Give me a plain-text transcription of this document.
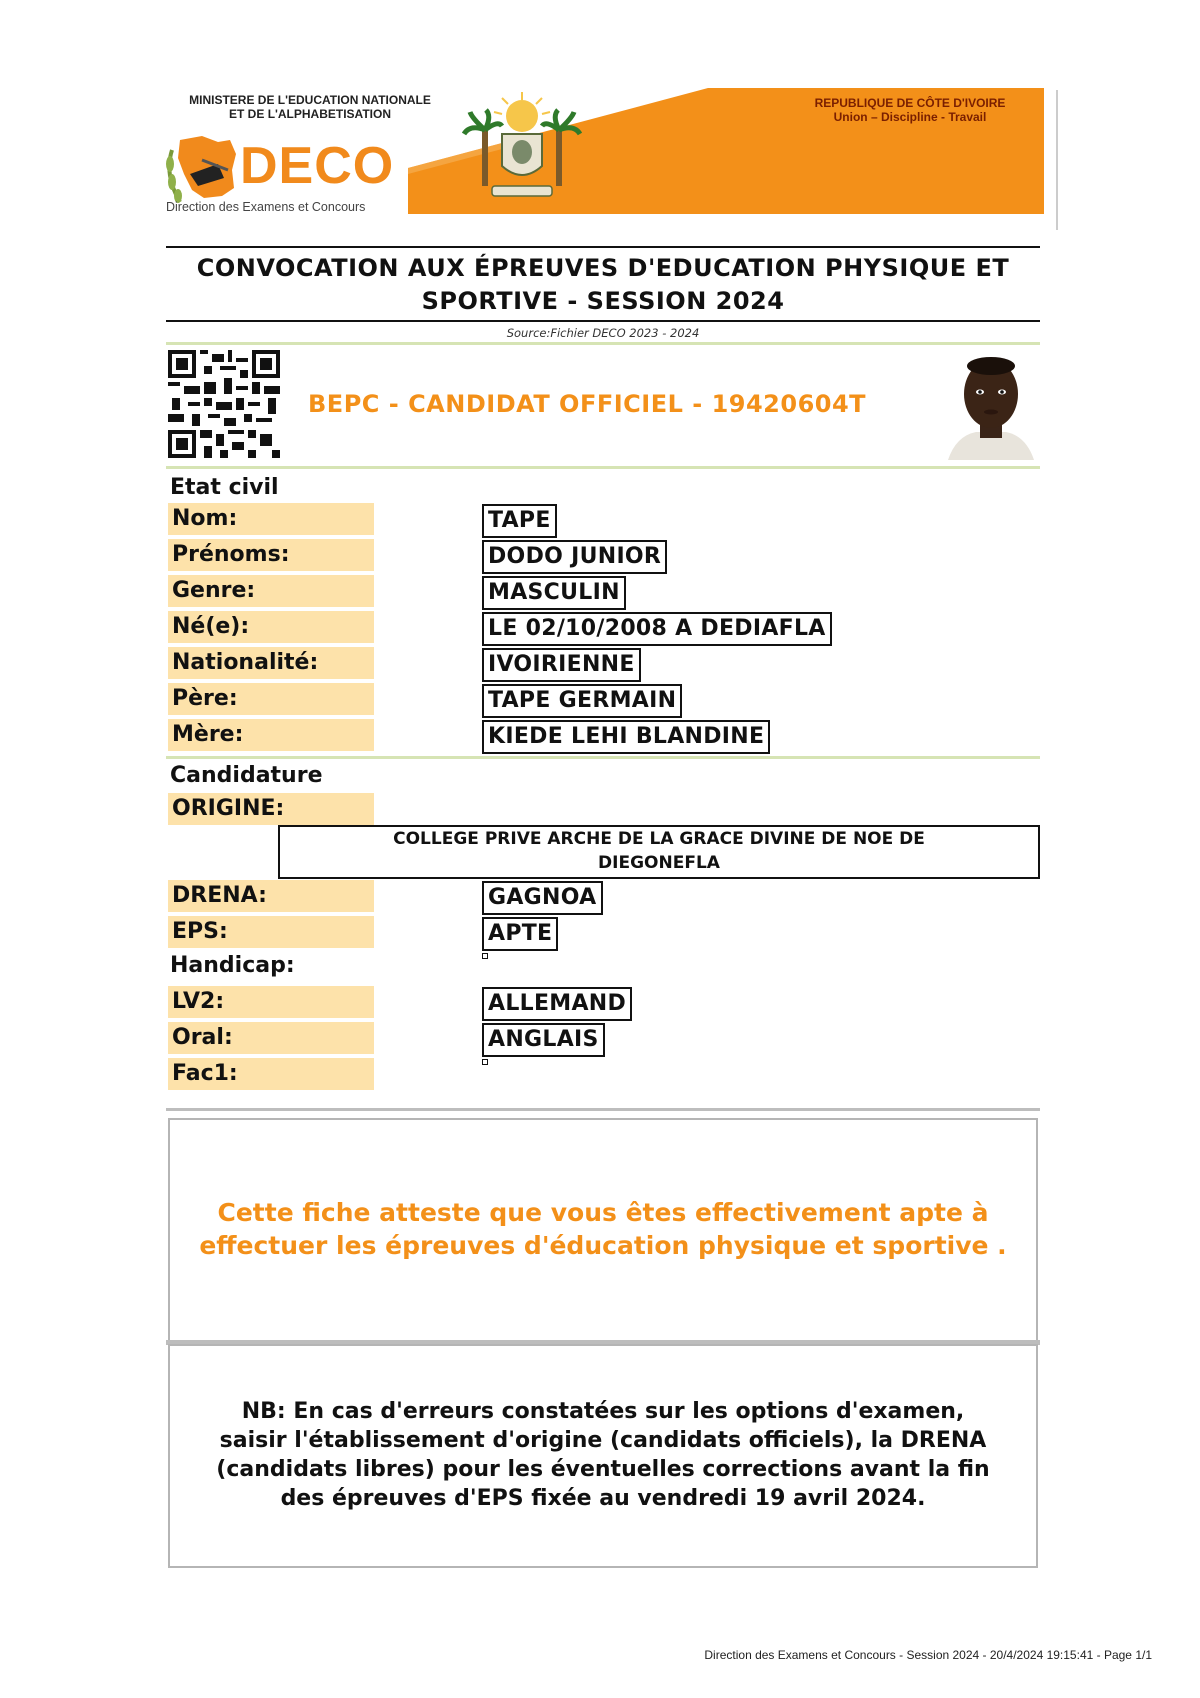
MINISTERE DE L'EDUCATION NATIONALE
ET DE L'ALPHABETISATION
DECO
Direction des Examens et Concours
REPUBLIQUE DE CÔTE D'IVOIRE
Union – Discipline - Travail
CONVOCATION AUX ÉPREUVES D'EDUCATION PHYSIQUE ET
SPORTIVE - SESSION 2024
Source:Fichier DECO 2023 - 2024
BEPC - CANDIDAT OFFICIEL - 19420604T
Etat civil
Nom:	TAPE
Prénoms:	DODO JUNIOR
Genre:	MASCULIN
Né(e):	LE 02/10/2008 A DEDIAFLA
Nationalité:	IVOIRIENNE
Père:	TAPE GERMAIN
Mère:	KIEDE LEHI BLANDINE
Candidature
ORIGINE:
COLLEGE PRIVE ARCHE DE LA GRACE DIVINE DE NOE DE
DIEGONEFLA
DRENA:	GAGNOA
EPS:	APTE
Handicap:
LV2:	ALLEMAND
Oral:	ANGLAIS
Fac1:
Cette fiche atteste que vous êtes effectivement apte à
effectuer les épreuves d'éducation physique et sportive .
NB: En cas d'erreurs constatées sur les options d'examen,
saisir l'établissement d'origine (candidats officiels), la DRENA
(candidats libres) pour les éventuelles corrections avant la fin
des épreuves d'EPS fixée au vendredi 19 avril 2024.
Direction des Examens et Concours - Session 2024 - 20/4/2024 19:15:41 - Page 1/1
